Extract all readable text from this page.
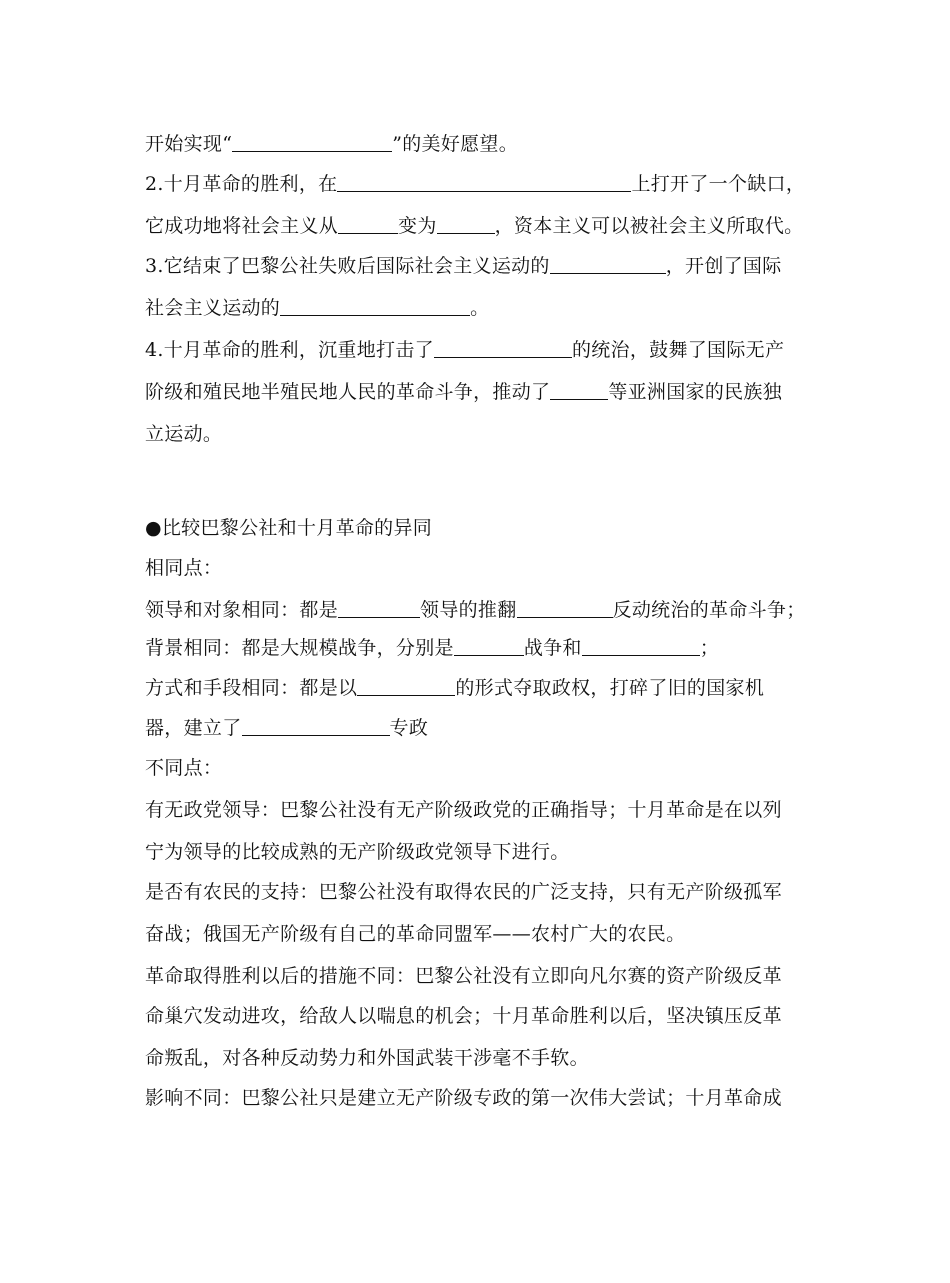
开始实现“	”的美好愿望。
2.十月革命的胜利，在	上打开了一个缺口，
它成功地将社会主义从	变为	，资本主义可以被社会主义所取代。
3.它结束了巴黎公社失败后国际社会主义运动的	，开创了国际
社会主义运动的	。
4.十月革命的胜利，沉重地打击了	的统治，鼓舞了国际无产
阶级和殖民地半殖民地人民的革命斗争，推动了	等亚洲国家的民族独
立运动。
●比较巴黎公社和十月革命的异同
相同点：
领导和对象相同：都是	领导的推翻	反动统治的革命斗争；
背景相同：都是大规模战争，分别是	战争和	；
方式和手段相同：都是以	的形式夺取政权，打碎了旧的国家机
器，建立了	专政
不同点：
有无政党领导：巴黎公社没有无产阶级政党的正确指导；十月革命是在以列
宁为领导的比较成熟的无产阶级政党领导下进行。
是否有农民的支持：巴黎公社没有取得农民的广泛支持，只有无产阶级孤军
奋战；俄国无产阶级有自己的革命同盟军——农村广大的农民。
革命取得胜利以后的措施不同：巴黎公社没有立即向凡尔赛的资产阶级反革
命巢穴发动进攻，给敌人以喘息的机会；十月革命胜利以后，坚决镇压反革
命叛乱，对各种反动势力和外国武装干涉毫不手软。
影响不同：巴黎公社只是建立无产阶级专政的第一次伟大尝试；十月革命成
